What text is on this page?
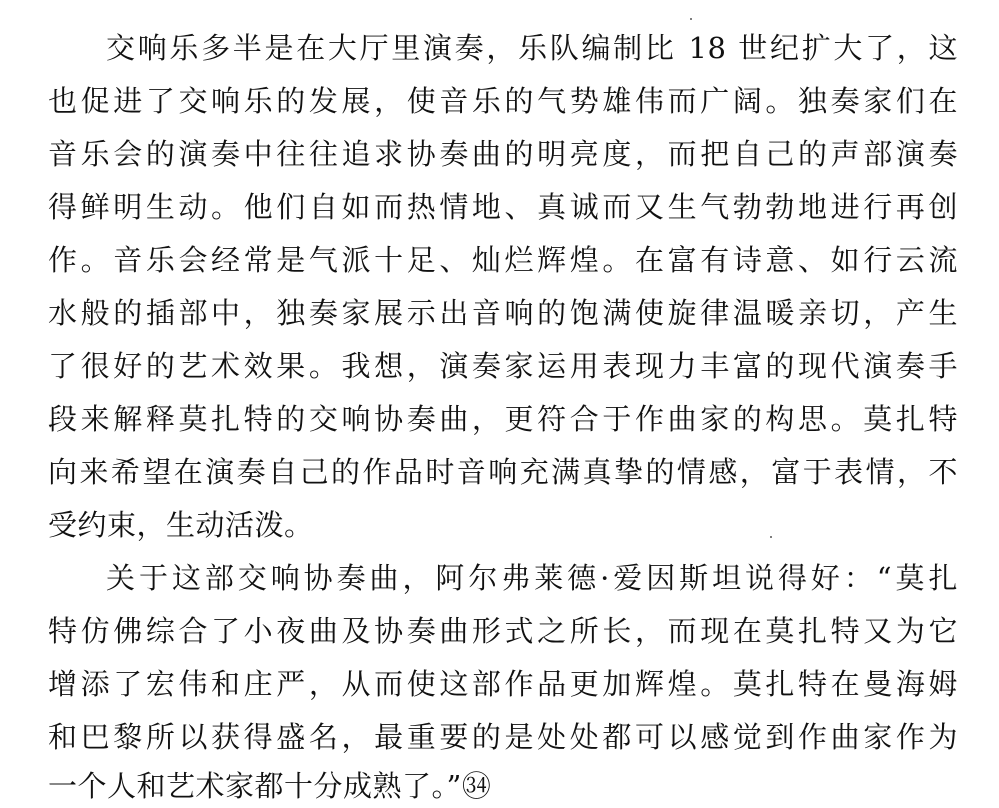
交响乐多半是在大厅里演奏，乐队编制比 18 世纪扩大了，这
也促进了交响乐的发展，使音乐的气势雄伟而广阔。独奏家们在
音乐会的演奏中往往追求协奏曲的明亮度，而把自己的声部演奏
得鲜明生动。他们自如而热情地、真诚而又生气勃勃地进行再创
作。音乐会经常是气派十足、灿烂辉煌。在富有诗意、如行云流
水般的插部中，独奏家展示出音响的饱满使旋律温暖亲切，产生
了很好的艺术效果。我想，演奏家运用表现力丰富的现代演奏手
段来解释莫扎特的交响协奏曲，更符合于作曲家的构思。莫扎特
向来希望在演奏自己的作品时音响充满真挚的情感，富于表情，不
受约束，生动活泼。
关于这部交响协奏曲，阿尔弗莱德·爱因斯坦说得好：“莫扎
特仿佛综合了小夜曲及协奏曲形式之所长，而现在莫扎特又为它
增添了宏伟和庄严，从而使这部作品更加辉煌。莫扎特在曼海姆
和巴黎所以获得盛名，最重要的是处处都可以感觉到作曲家作为
一个人和艺术家都十分成熟了。”㉞
